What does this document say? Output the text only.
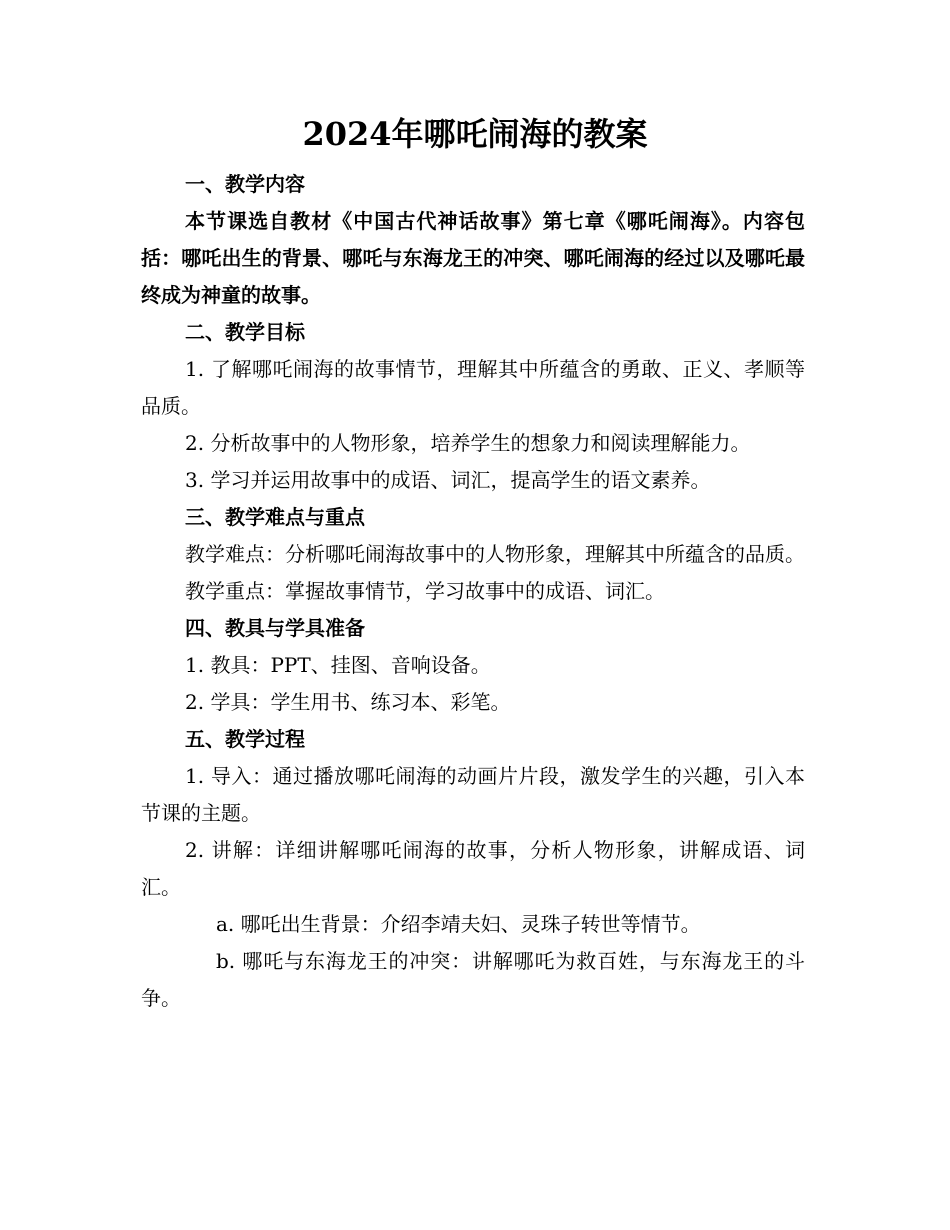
2024年哪吒闹海的教案

一、教学内容

本节课选自教材《中国古代神话故事》第七章《哪吒闹海》。内容包括：哪吒出生的背景、哪吒与东海龙王的冲突、哪吒闹海的经过以及哪吒最终成为神童的故事。

二、教学目标

1. 了解哪吒闹海的故事情节，理解其中所蕴含的勇敢、正义、孝顺等品质。

2. 分析故事中的人物形象，培养学生的想象力和阅读理解能力。

3. 学习并运用故事中的成语、词汇，提高学生的语文素养。

三、教学难点与重点

教学难点：分析哪吒闹海故事中的人物形象，理解其中所蕴含的品质。

教学重点：掌握故事情节，学习故事中的成语、词汇。

四、教具与学具准备

1. 教具：PPT、挂图、音响设备。

2. 学具：学生用书、练习本、彩笔。

五、教学过程

1. 导入：通过播放哪吒闹海的动画片片段，激发学生的兴趣，引入本节课的主题。

2. 讲解：详细讲解哪吒闹海的故事，分析人物形象，讲解成语、词汇。

a. 哪吒出生背景：介绍李靖夫妇、灵珠子转世等情节。

b. 哪吒与东海龙王的冲突：讲解哪吒为救百姓，与东海龙王的斗争。
